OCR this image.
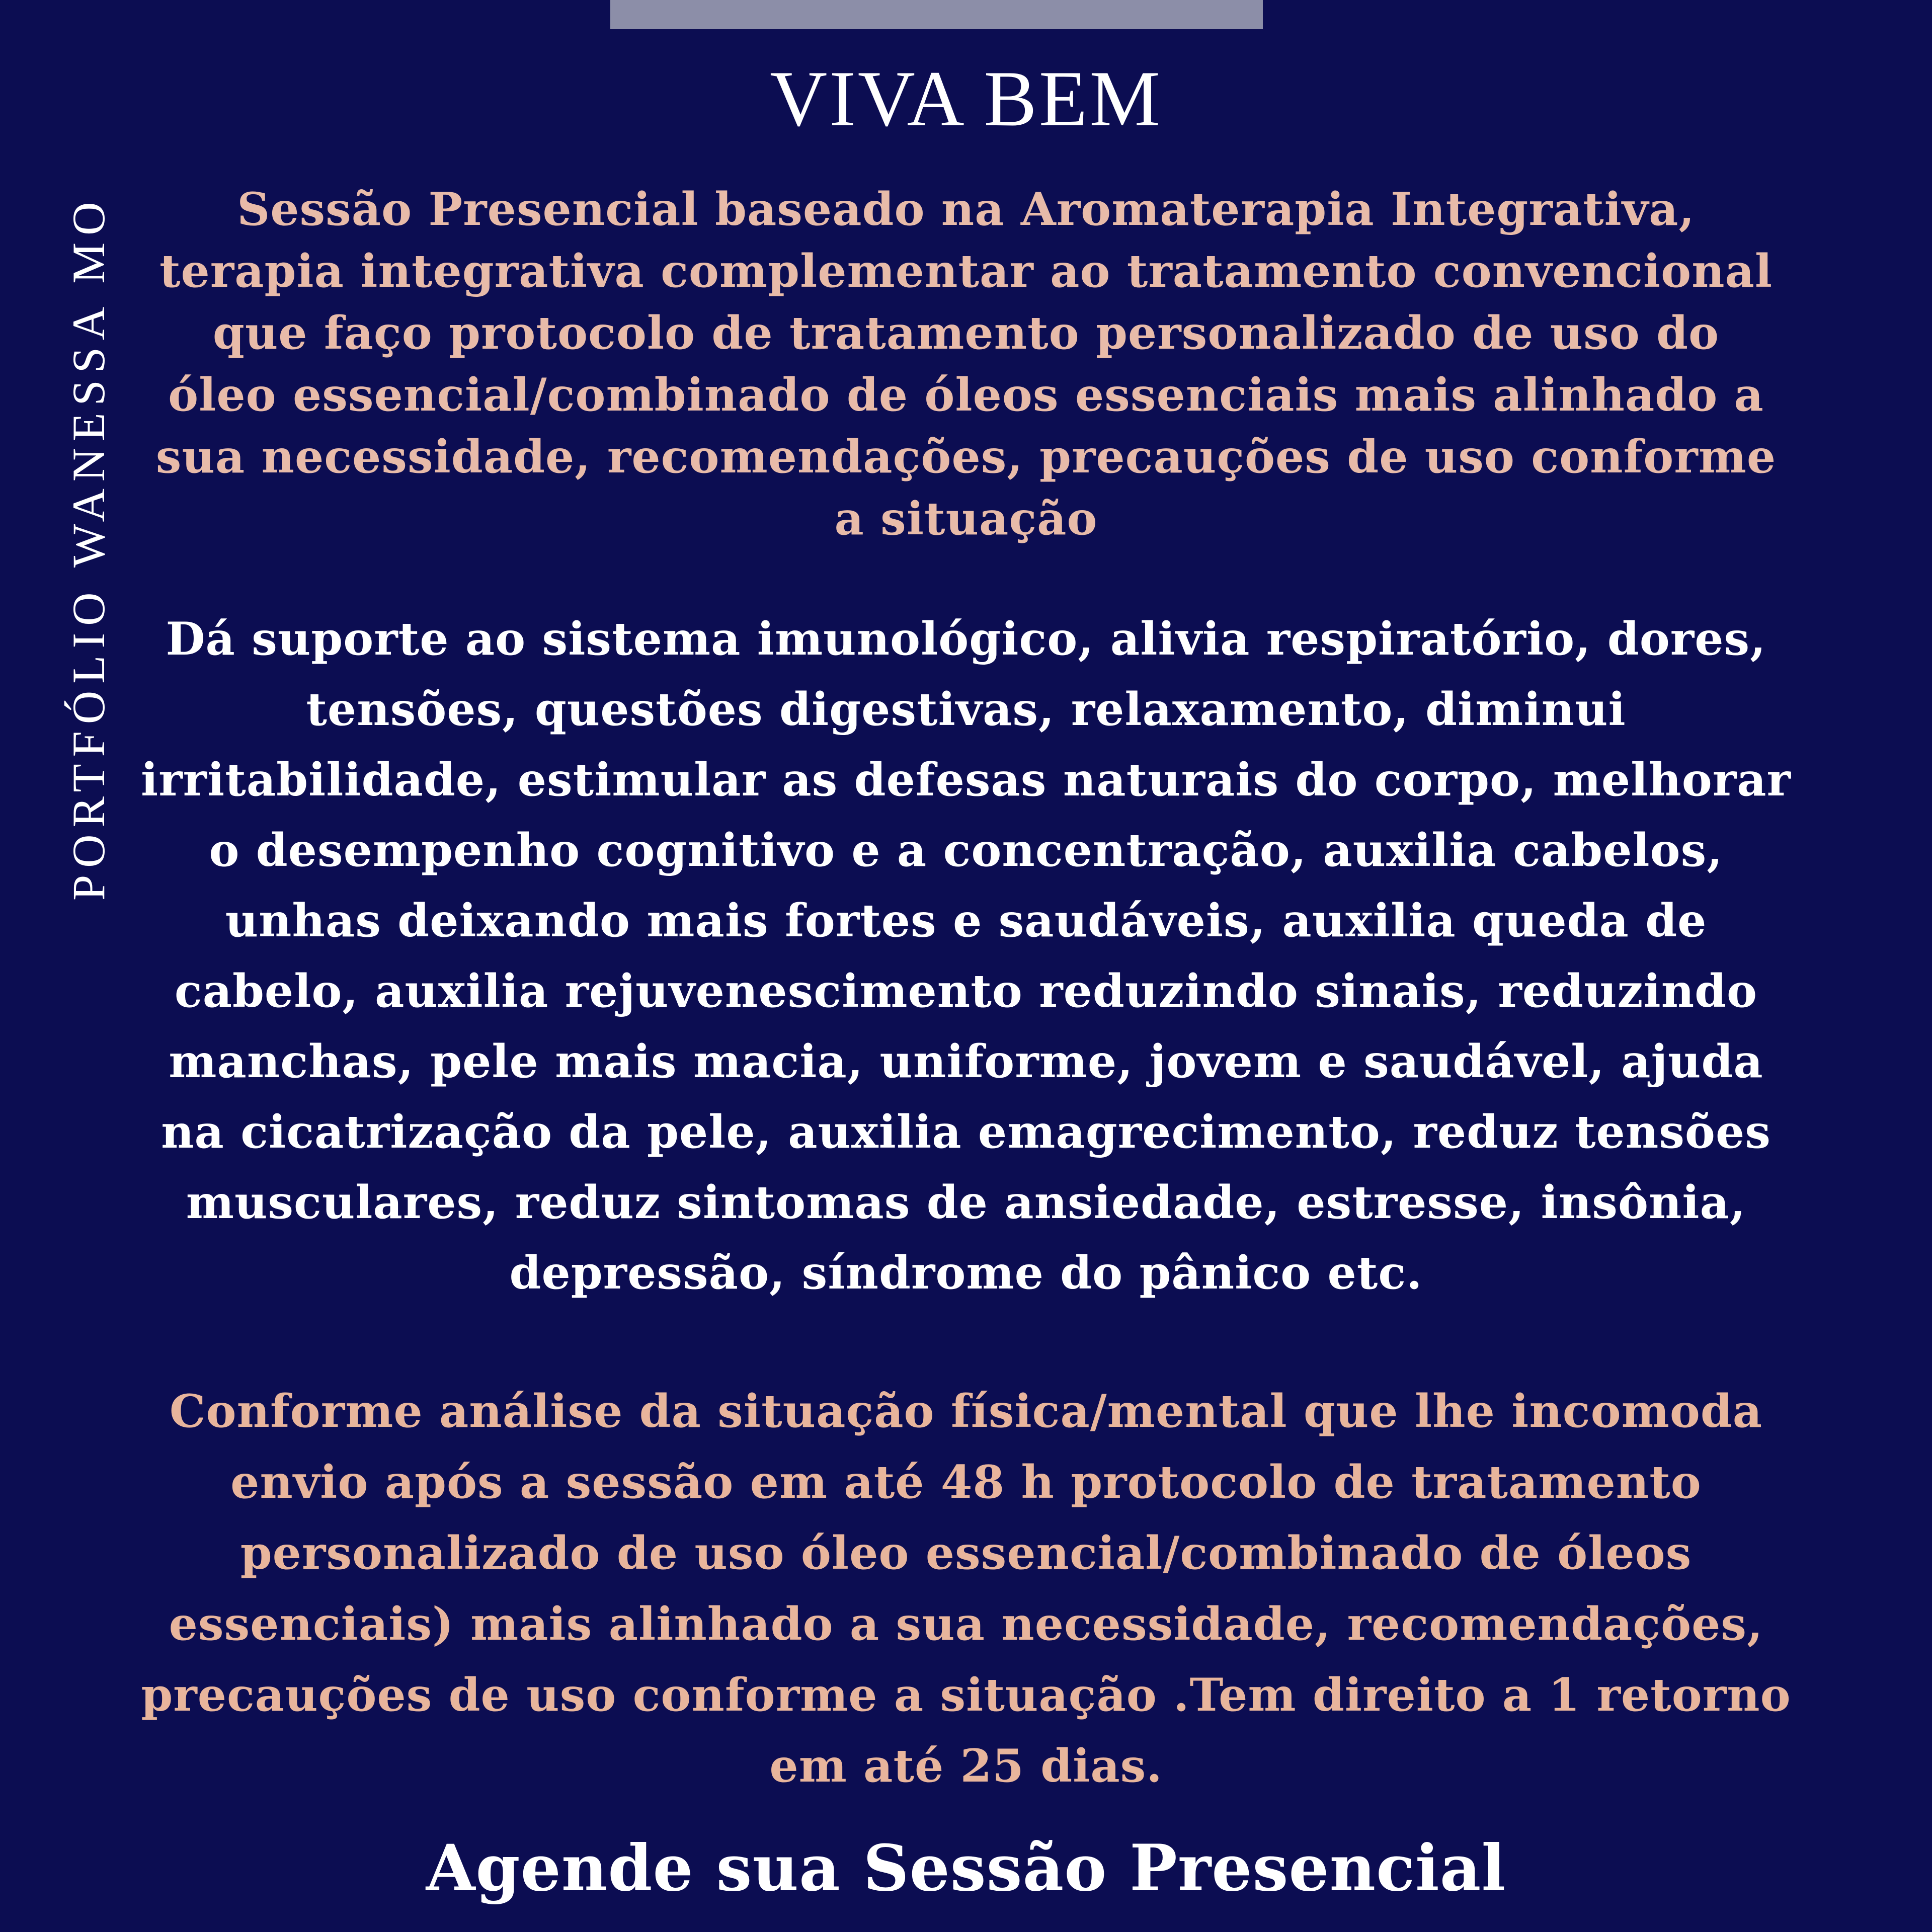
PORTFÓLIO WANESSA MO
VIVA BEM

Sessão Presencial baseado na Aromaterapia Integrativa,
terapia integrativa complementar ao tratamento convencional
que faço protocolo de tratamento personalizado de uso do
óleo essencial/combinado de óleos essenciais mais alinhado a
sua necessidade, recomendações, precauções de uso conforme
a situação

Dá suporte ao sistema imunológico, alivia respiratório, dores,
tensões, questões digestivas, relaxamento, diminui
irritabilidade, estimular as defesas naturais do corpo, melhorar
o desempenho cognitivo e a concentração, auxilia cabelos,
unhas deixando mais fortes e saudáveis, auxilia queda de
cabelo, auxilia rejuvenescimento reduzindo sinais, reduzindo
manchas, pele mais macia, uniforme, jovem e saudável, ajuda
na cicatrização da pele, auxilia emagrecimento, reduz tensões
musculares, reduz sintomas de ansiedade, estresse, insônia,
depressão, síndrome do pânico etc.

Conforme análise da situação física/mental que lhe incomoda
envio após a sessão em até 48 h protocolo de tratamento
personalizado de uso óleo essencial/combinado de óleos
essenciais) mais alinhado a sua necessidade, recomendações,
precauções de uso conforme a situação .Tem direito a 1 retorno
em até 25 dias.

Agende sua Sessão Presencial
